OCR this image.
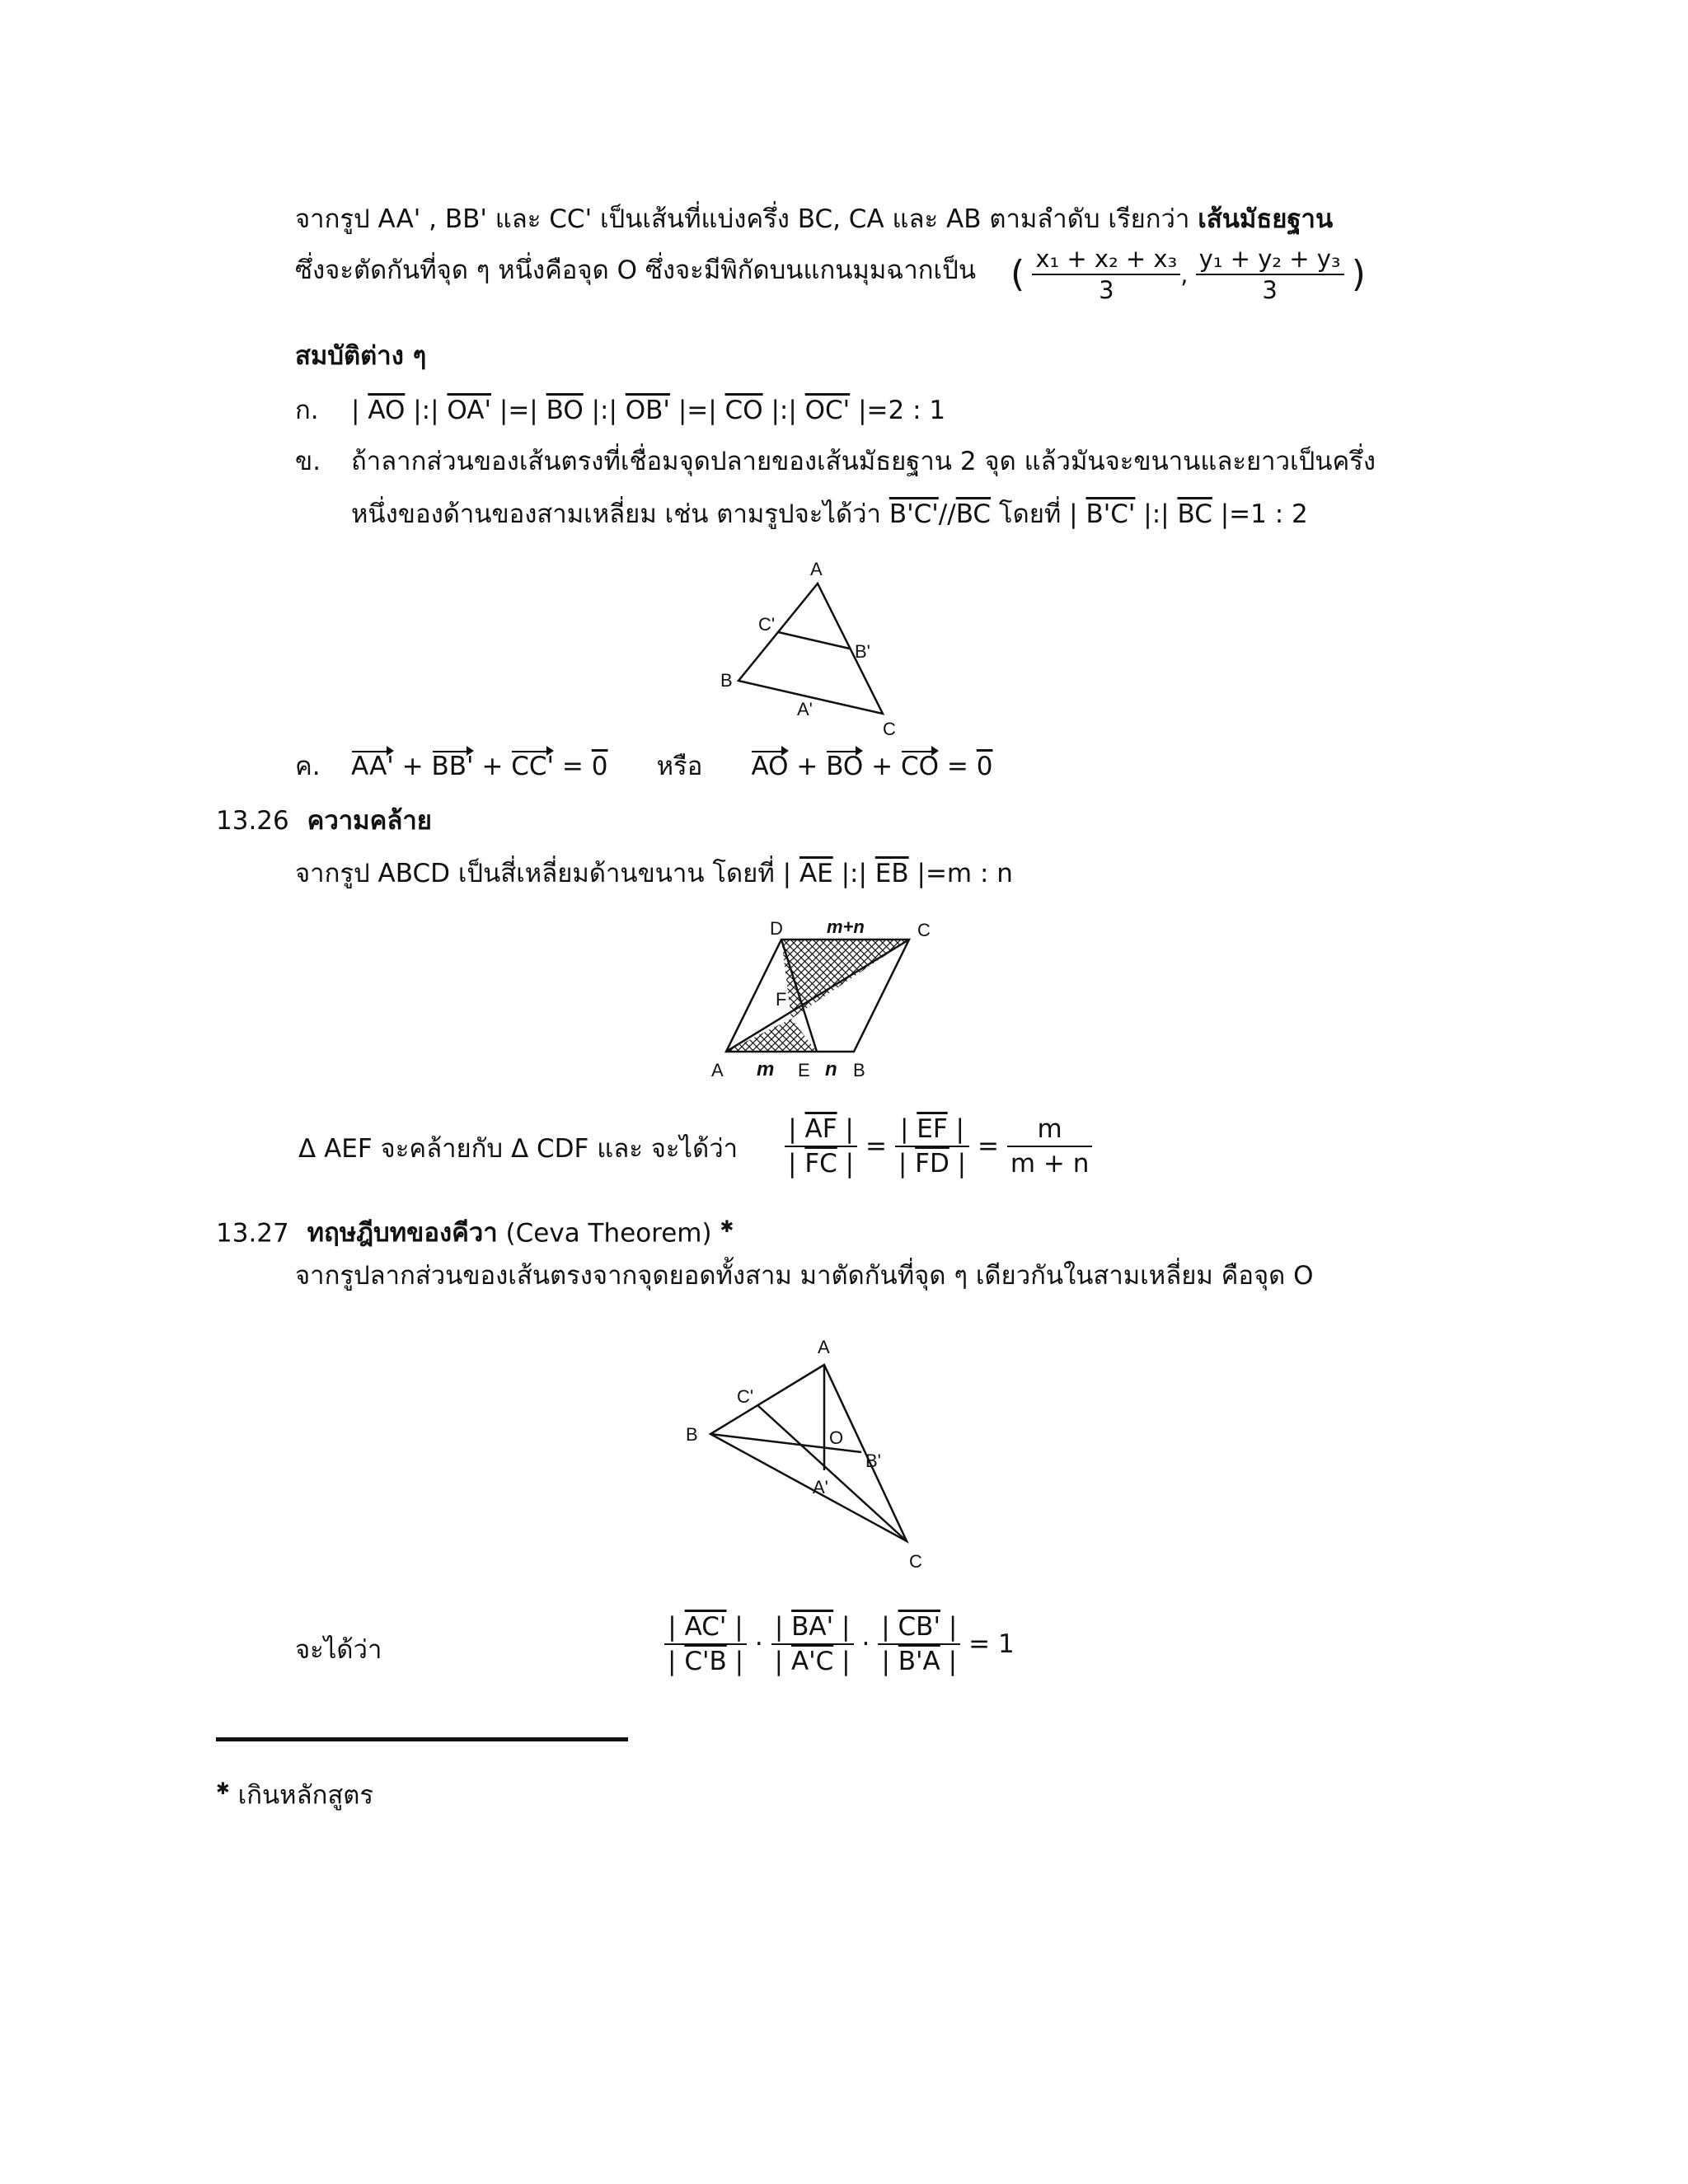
จากรูป AA' , BB' และ CC' เป็นเส้นที่แบ่งครึ่ง BC, CA และ AB ตามลำดับ เรียกว่า เส้นมัธยฐาน
ซึ่งจะตัดกันที่จุด ๆ หนึ่งคือจุด O ซึ่งจะมีพิกัดบนแกนมุมฉากเป็น ( $\frac{\text{x₁ + x₂ + x₃}}{3}$ , $\frac{\text{y₁ + y₂ + y₃}}{3}$ )
สมบัติต่าง ๆ
ก. | $\overline{AO}$ |:| OA' |=| $\overline{BO}$ |:| OB' |=| $\overline{CO}$ |:| OC' |=2 : 1
ข. ถ้าลากส่วนของเส้นตรงที่เชื่อมจุดปลายของเส้นมัธยฐาน 2 จุด แล้วมันจะขนานและยาวเป็นครึ่ง
หนึ่งของด้านของสามเหลี่ยม เช่น ตามรูปจะได้ว่า $B'C'//\overline{BC}$ โดยที่ | B'C' |:| $\overline{BC}$ |=1 : 2
A
B
C
C'
B'
A'
ค. AA' + BB' + CC' = 0 หรือ AO + BO + CO = 0
13.26 ความคล้าย
จากรูป ABCD เป็นสี่เหลี่ยมด้านขนาน โดยที่ | $\overline{AE}$ |:| $\overline{EB}$ |=m : n
D	C
A	B
E
F
m	n
m+n
Δ AEF จะคล้ายกับ Δ CDF และ จะได้ว่า $\frac{| \overline{AF} |}{| \overline{FC} |} = \frac{| \overline{EF} |}{| \overline{FD} |} = \frac{m}{m + n}$
13.27 ทฤษฎีบทของคีวา (Ceva Theorem) ✱
จากรูปลากส่วนของเส้นตรงจากจุดยอดทั้งสาม มาตัดกันที่จุด ๆ เดียวกันในสามเหลี่ยม คือจุด O
A
B
C
C'
O
B'
A'
จะได้ว่า	$\frac{| AC' |}{| C'B |} \cdot \frac{| BA' |}{| A'C |} \cdot \frac{| CB' |}{| B'A |} = 1$
✱ เกินหลักสูตร
